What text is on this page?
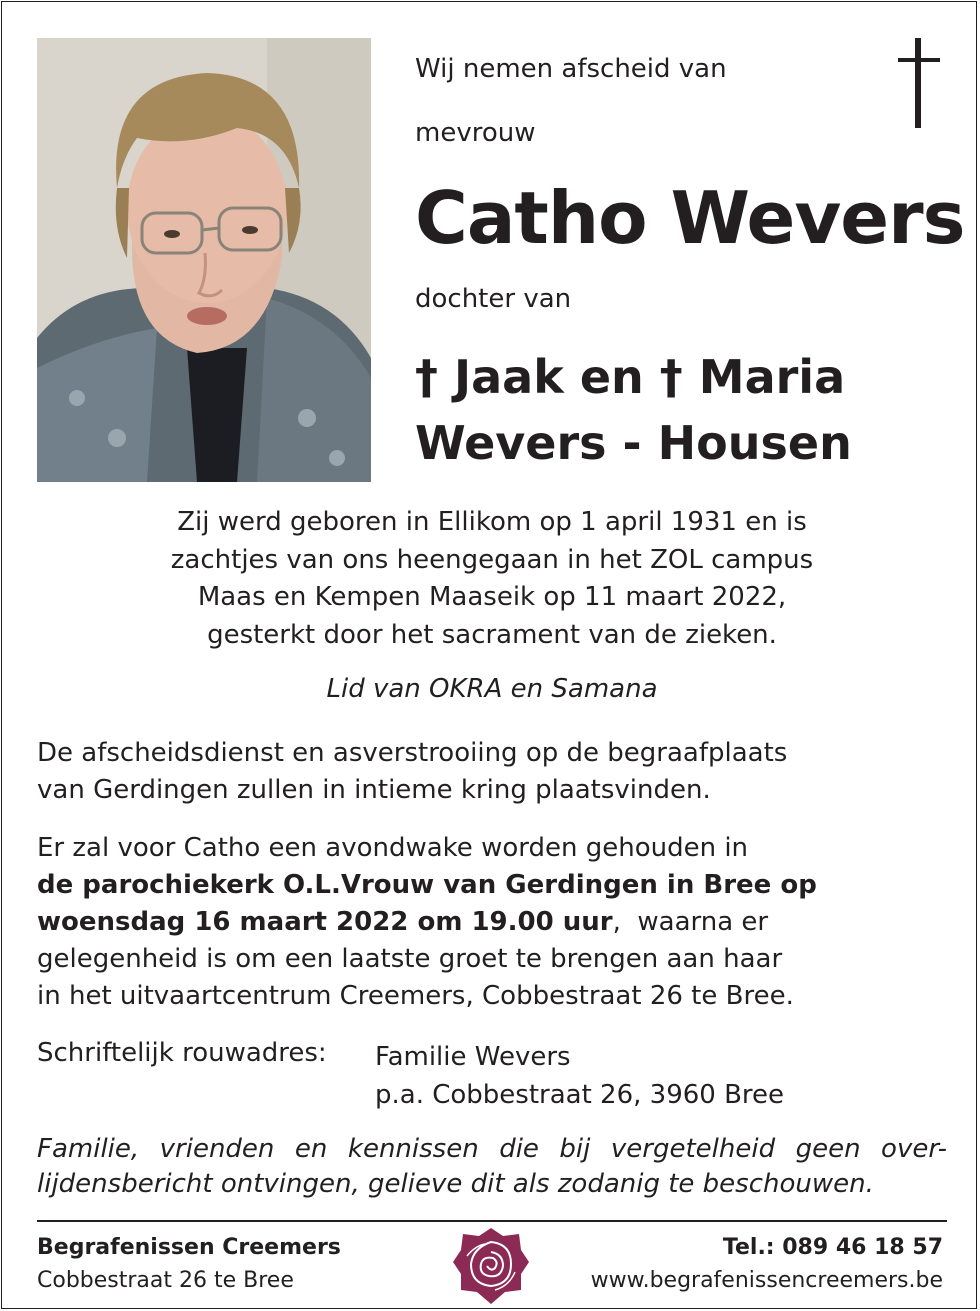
Wij nemen afscheid van
mevrouw
Catho Wevers
dochter van
† Jaak en † Maria
Wevers - Housen
Zij werd geboren in Ellikom op 1 april 1931 en is
zachtjes van ons heengegaan in het ZOL campus
Maas en Kempen Maaseik op 11 maart 2022,
gesterkt door het sacrament van de zieken.
Lid van OKRA en Samana
De afscheidsdienst en asverstrooiing op de begraafplaats
van Gerdingen zullen in intieme kring plaatsvinden.
Er zal voor Catho een avondwake worden gehouden in
de parochiekerk O.L.Vrouw van Gerdingen in Bree op
woensdag 16 maart 2022 om 19.00 uur,  waarna er
gelegenheid is om een laatste groet te brengen aan haar
in het uitvaartcentrum Creemers, Cobbestraat 26 te Bree.
Schriftelijk rouwadres: Familie Wevers
p.a. Cobbestraat 26, 3960 Bree
Familie, vrienden en kennissen die bij vergetelheid geen over-
lijdensbericht ontvingen, gelieve dit als zodanig te beschouwen.
Begrafenissen Creemers
Cobbestraat 26 te Bree
Tel.: 089 46 18 57
www.begrafenissencreemers.be
